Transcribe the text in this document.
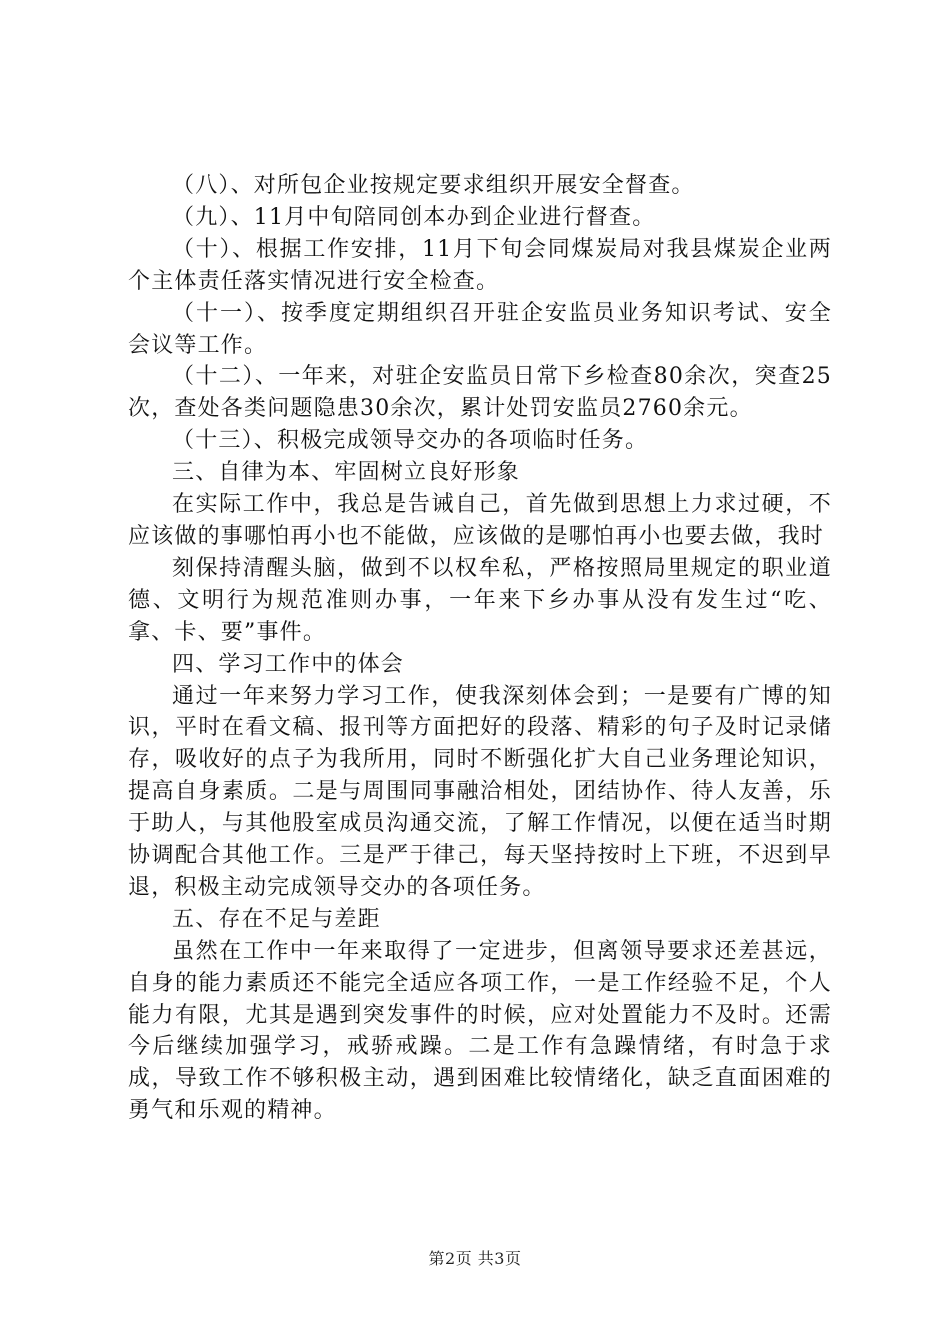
（八）、对所包企业按规定要求组织开展安全督查。

（九）、11月中旬陪同创本办到企业进行督查。

（十）、根据工作安排，11月下旬会同煤炭局对我县煤炭企业两个主体责任落实情况进行安全检查。

（十一）、按季度定期组织召开驻企安监员业务知识考试、安全会议等工作。

（十二）、一年来，对驻企安监员日常下乡检查80余次，突查25次，查处各类问题隐患30余次，累计处罚安监员2760余元。

（十三）、积极完成领导交办的各项临时任务。

三、自律为本、牢固树立良好形象

在实际工作中，我总是告诫自己，首先做到思想上力求过硬，不应该做的事哪怕再小也不能做，应该做的是哪怕再小也要去做，我时

刻保持清醒头脑，做到不以权牟私，严格按照局里规定的职业道德、文明行为规范准则办事，一年来下乡办事从没有发生过“吃、拿、卡、要”事件。

四、学习工作中的体会

通过一年来努力学习工作，使我深刻体会到；一是要有广博的知识，平时在看文稿、报刊等方面把好的段落、精彩的句子及时记录储存，吸收好的点子为我所用，同时不断强化扩大自己业务理论知识，提高自身素质。二是与周围同事融洽相处，团结协作、待人友善，乐于助人，与其他股室成员沟通交流，了解工作情况，以便在适当时期协调配合其他工作。三是严于律己，每天坚持按时上下班，不迟到早退，积极主动完成领导交办的各项任务。

五、存在不足与差距

虽然在工作中一年来取得了一定进步，但离领导要求还差甚远，自身的能力素质还不能完全适应各项工作，一是工作经验不足，个人能力有限，尤其是遇到突发事件的时候，应对处置能力不及时。还需今后继续加强学习，戒骄戒躁。二是工作有急躁情绪，有时急于求成，导致工作不够积极主动，遇到困难比较情绪化，缺乏直面困难的勇气和乐观的精神。

第2页 共3页
